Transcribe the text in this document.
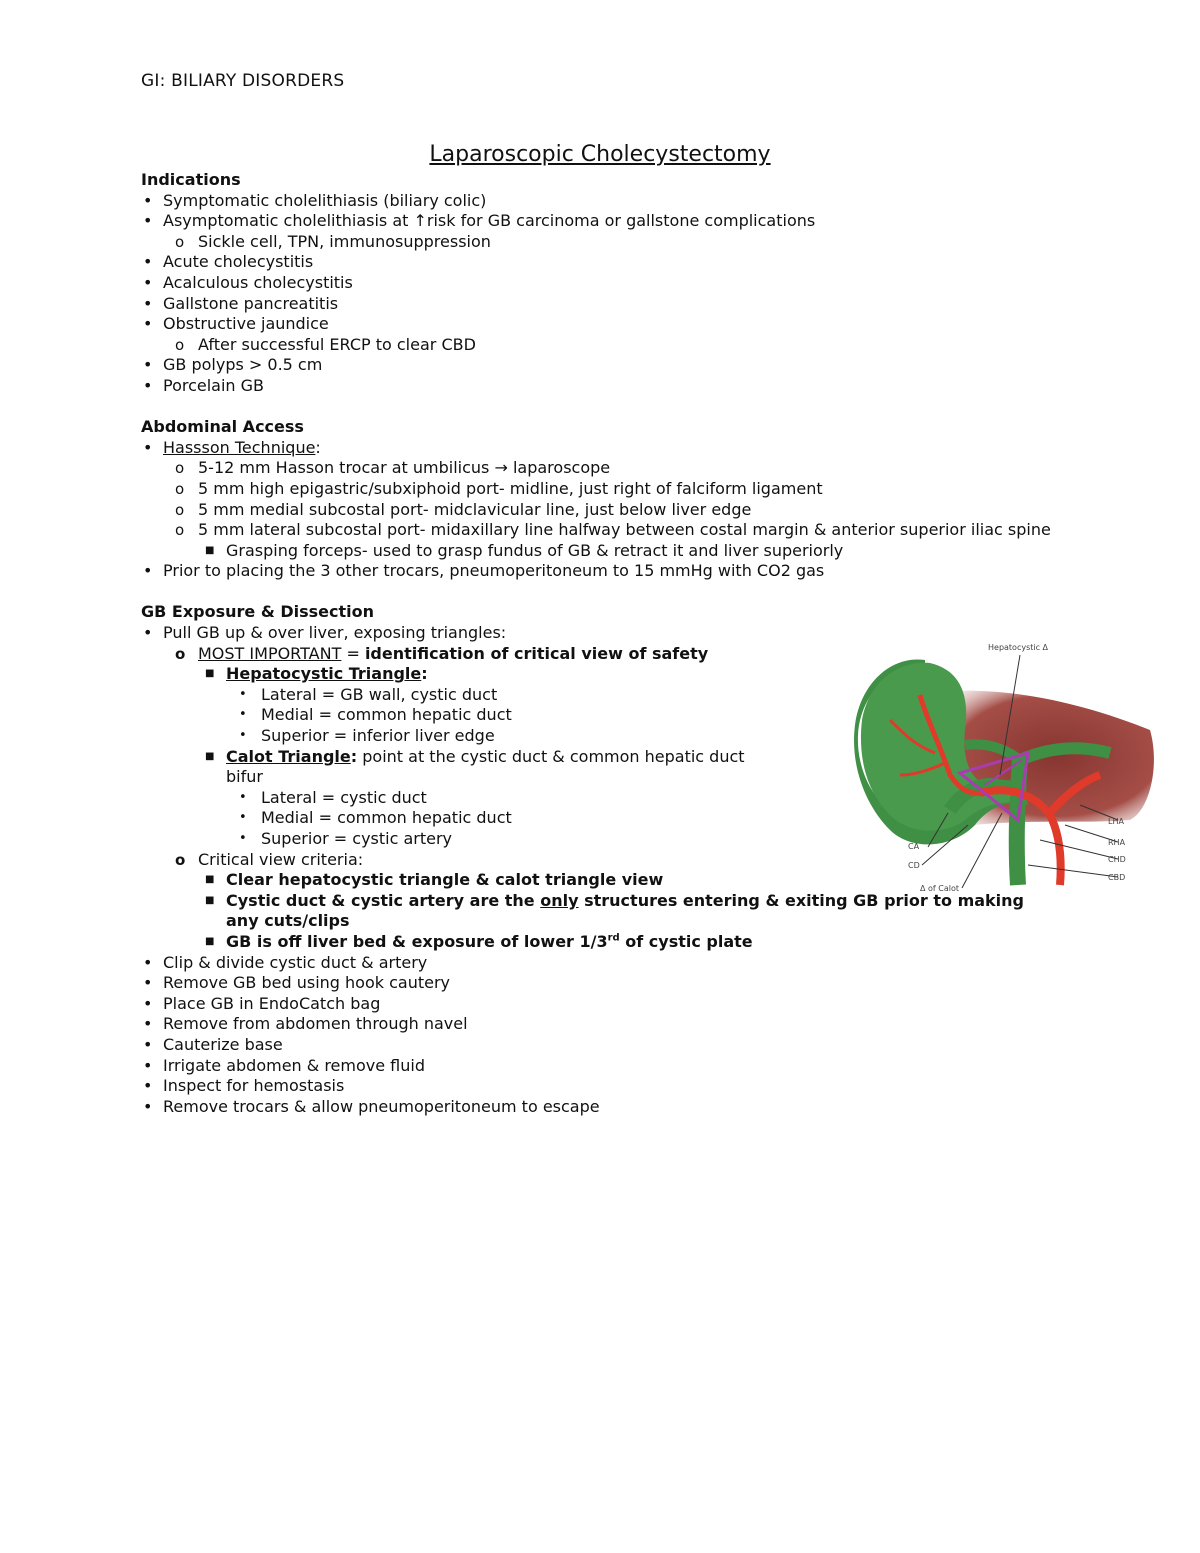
GI: BILIARY DISORDERS
Laparoscopic Cholecystectomy

Indications

• Symptomatic cholelithiasis (biliary colic)
• Asymptomatic cholelithiasis at ↑risk for GB carcinoma or gallstone complications
o Sickle cell, TPN, immunosuppression
• Acute cholecystitis
• Acalculous cholecystitis
• Gallstone pancreatitis
• Obstructive jaundice
o After successful ERCP to clear CBD
• GB polyps > 0.5 cm
• Porcelain GB

Abdominal Access

• Hassson Technique:
o 5-12 mm Hasson trocar at umbilicus → laparoscope
o 5 mm high epigastric/subxiphoid port- midline, just right of falciform ligament
o 5 mm medial subcostal port- midclavicular line, just below liver edge
o 5 mm lateral subcostal port- midaxillary line halfway between costal margin & anterior superior iliac spine
■ Grasping forceps- used to grasp fundus of GB & retract it and liver superiorly
• Prior to placing the 3 other trocars, pneumoperitoneum to 15 mmHg with CO2 gas

GB Exposure & Dissection

• Pull GB up & over liver, exposing triangles:
o MOST IMPORTANT = identification of critical view of safety
■ Hepatocystic Triangle:
• Lateral = GB wall, cystic duct
• Medial = common hepatic duct
• Superior = inferior liver edge
■ Calot Triangle: point at the cystic duct & common hepatic duct bifur
• Lateral = cystic duct
• Medial = common hepatic duct
• Superior = cystic artery
o Critical view criteria:
■ Clear hepatocystic triangle & calot triangle view
■ Cystic duct & cystic artery are the only structures entering & exiting GB prior to making any cuts/clips
■ GB is off liver bed & exposure of lower 1/3rd of cystic plate
• Clip & divide cystic duct & artery
• Remove GB bed using hook cautery
• Place GB in EndoCatch bag
• Remove from abdomen through navel
• Cauterize base
• Irrigate abdomen & remove fluid
• Inspect for hemostasis
• Remove trocars & allow pneumoperitoneum to escape
Hepatocystic Δ
CA
CD
Δ of Calot
LHA
RHA
CHD
CBD
